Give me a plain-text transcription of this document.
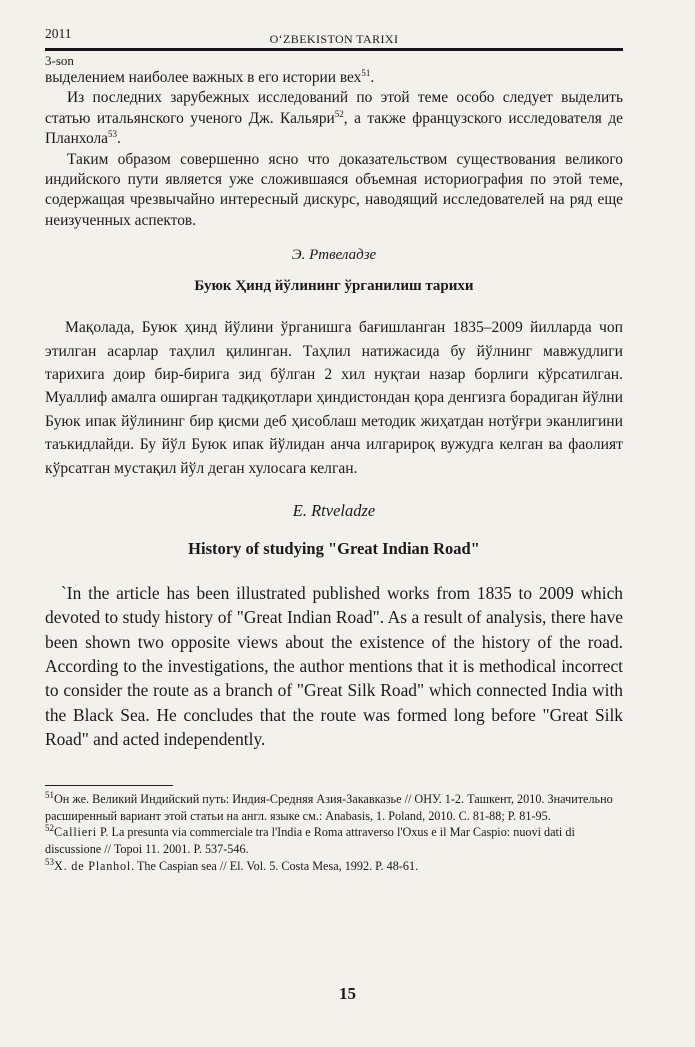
2011	O‘ZBEKISTON TARIXI
3-son

выделением наиболее важных в его истории вех$^{51}$.

Из последних зарубежных исследований по этой теме особо следует выделить статью итальянского ученого Дж. Кальяри$^{52}$, а также французского исследователя де Планхола$^{53}$.

Таким образом совершенно ясно что доказательством существования великого индийского пути является уже сложившаяся объемная историография по этой теме, содержащая чрезвычайно интересный дискурс, наводящий исследователей на ряд еще неизученных аспектов.

Э. Ртвеладзе
Буюк Ҳинд йўлининг ўрганилиш тарихи

Мақолада, Буюк ҳинд йўлини ўрганишга бағишланган 1835–2009 йилларда чоп этилган асарлар таҳлил қилинган. Таҳлил натижасида бу йўлнинг мавжудлиги тарихига доир бир-бирига зид бўлган 2 хил нуқтаи назар борлиги кўрсатилган. Муаллиф амалга оширган тадқиқотлари ҳиндистондан қора денгизга борадиган йўлни Буюк ипак йўлининг бир қисми деб ҳисоблаш методик жиҳатдан нотўғри эканлигини таъкидлайди. Бу йўл Буюк ипак йўлидан анча илгарироқ вужудга келган ва фаолият кўрсатган мустақил йўл деган хулосага келган.

E. Rtveladze
History of studying "Great Indian Road"

`In the article has been illustrated published works from 1835 to 2009 which devoted to study history of "Great Indian Road". As a result of analysis, there have been shown two opposite views about the existence of the history of the road. According to the investigations, the author mentions that it is methodical incorrect to consider the route as a branch of "Great Silk Road" which connected India with the Black Sea. He concludes that the route was formed long before "Great Silk Road" and acted independently.

$^{51}$Он же. Великий Индийский путь: Индия-Средняя Азия-Закавказье // ОНУ. 1-2. Ташкент, 2010. Значительно расширенный вариант этой статьи на англ. языке см.: Anabasis, 1. Poland, 2010. С. 81-88; P. 81-95.

$^{52}$Callieri P. La presunta via commerciale tra l'India e Roma attraverso l'Oxus e il Mar Caspio: nuovi dati di discussione // Topoi 11. 2001. P. 537-546.

$^{53}$X. de Planhol. The Caspian sea // El. Vol. 5. Costa Mesa, 1992. P. 48-61.

15
